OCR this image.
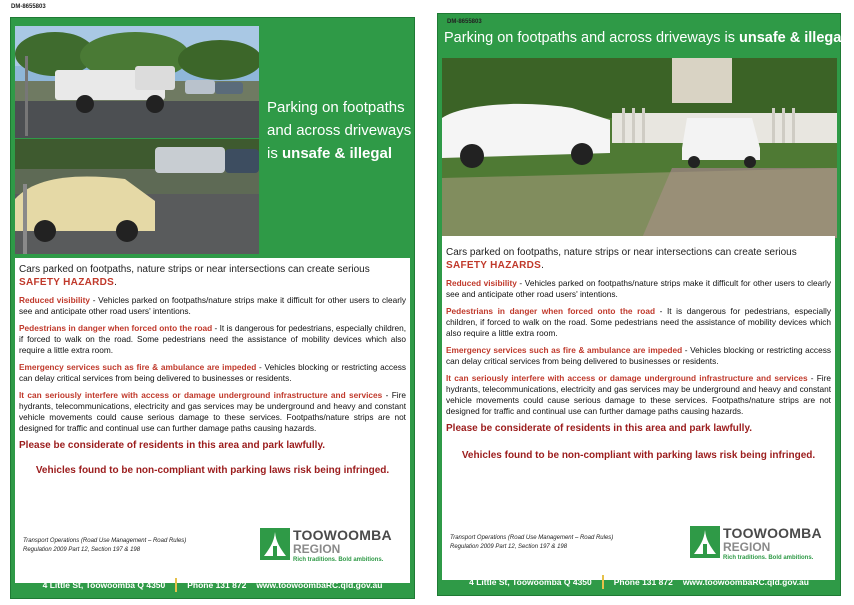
DM-8655803
Parking on footpaths
and across driveways
is unsafe & illegal
Cars parked on footpaths, nature strips or near intersections can create serious SAFETY HAZARDS.
Reduced visibility - Vehicles parked on footpaths/nature strips make it difficult for other users to clearly see and anticipate other road users' intentions.
Pedestrians in danger when forced onto the road - It is dangerous for pedestrians, especially children, if forced to walk on the road. Some pedestrians need the assistance of mobility devices which also require a little extra room.
Emergency services such as fire & ambulance are impeded - Vehicles blocking or restricting access can delay critical services from being delivered to businesses or residents.
It can seriously interfere with access or damage underground infrastructure and services - Fire hydrants, telecommunications, electricity and gas services may be underground and heavy and constant vehicle movements could cause serious damage to these services. Footpaths/nature strips are not designed for traffic and continual use can further damage paths causing hazards.
Please be considerate of residents in this area and park lawfully.
Vehicles found to be non-compliant with parking laws risk being infringed.
Transport Operations (Road Use Management – Road Rules)
Regulation 2009 Part 12, Section 197 & 198
TOOWOOMBA
REGION
Rich traditions. Bold ambitions.
4 Little St, Toowoomba Q 4350	Phone 131 872 www.toowoombaRC.qld.gov.au
DM-8655803
Parking on footpaths and across driveways is unsafe & illegal
Cars parked on footpaths, nature strips or near intersections can create serious SAFETY HAZARDS.
Reduced visibility - Vehicles parked on footpaths/nature strips make it difficult for other users to clearly see and anticipate other road users' intentions.
Pedestrians in danger when forced onto the road - It is dangerous for pedestrians, especially children, if forced to walk on the road. Some pedestrians need the assistance of mobility devices which also require a little extra room.
Emergency services such as fire & ambulance are impeded - Vehicles blocking or restricting access can delay critical services from being delivered to businesses or residents.
It can seriously interfere with access or damage underground infrastructure and services - Fire hydrants, telecommunications, electricity and gas services may be underground and heavy and constant vehicle movements could cause serious damage to these services. Footpaths/nature strips are not designed for traffic and continual use can further damage paths causing hazards.
Please be considerate of residents in this area and park lawfully.
Vehicles found to be non-compliant with parking laws risk being infringed.
Transport Operations (Road Use Management – Road Rules)
Regulation 2009 Part 12, Section 197 & 198
TOOWOOMBA
REGION
Rich traditions. Bold ambitions.
4 Little St, Toowoomba Q 4350	Phone 131 872 www.toowoombaRC.qld.gov.au
